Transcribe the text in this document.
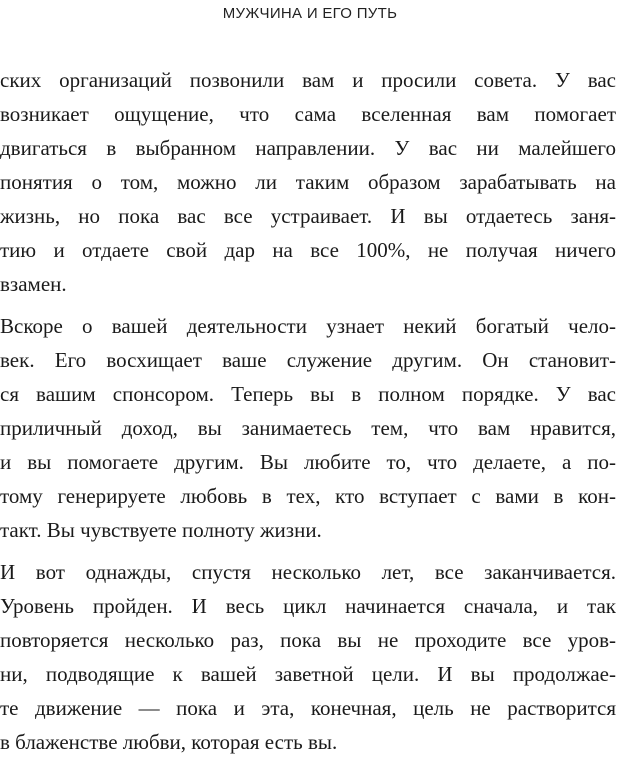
МУЖЧИНА И ЕГО ПУТЬ
ских организаций позвонили вам и просили совета. У вас
возникает ощущение, что сама вселенная вам помогает
двигаться в выбранном направлении. У вас ни малейшего
понятия о том, можно ли таким образом зарабатывать на
жизнь, но пока вас все устраивает. И вы отдаетесь заня-
тию и отдаете свой дар на все 100%, не получая ничего
взамен.
Вскоре о вашей деятельности узнает некий богатый чело-
век. Его восхищает ваше служение другим. Он становит-
ся вашим спонсором. Теперь вы в полном порядке. У вас
приличный доход, вы занимаетесь тем, что вам нравится,
и вы помогаете другим. Вы любите то, что делаете, а по-
тому генерируете любовь в тех, кто вступает с вами в кон-
такт. Вы чувствуете полноту жизни.
И вот однажды, спустя несколько лет, все заканчивается.
Уровень пройден. И весь цикл начинается сначала, и так
повторяется несколько раз, пока вы не проходите все уров-
ни, подводящие к вашей заветной цели. И вы продолжае-
те движение — пока и эта, конечная, цель не растворится
в блаженстве любви, которая есть вы.
